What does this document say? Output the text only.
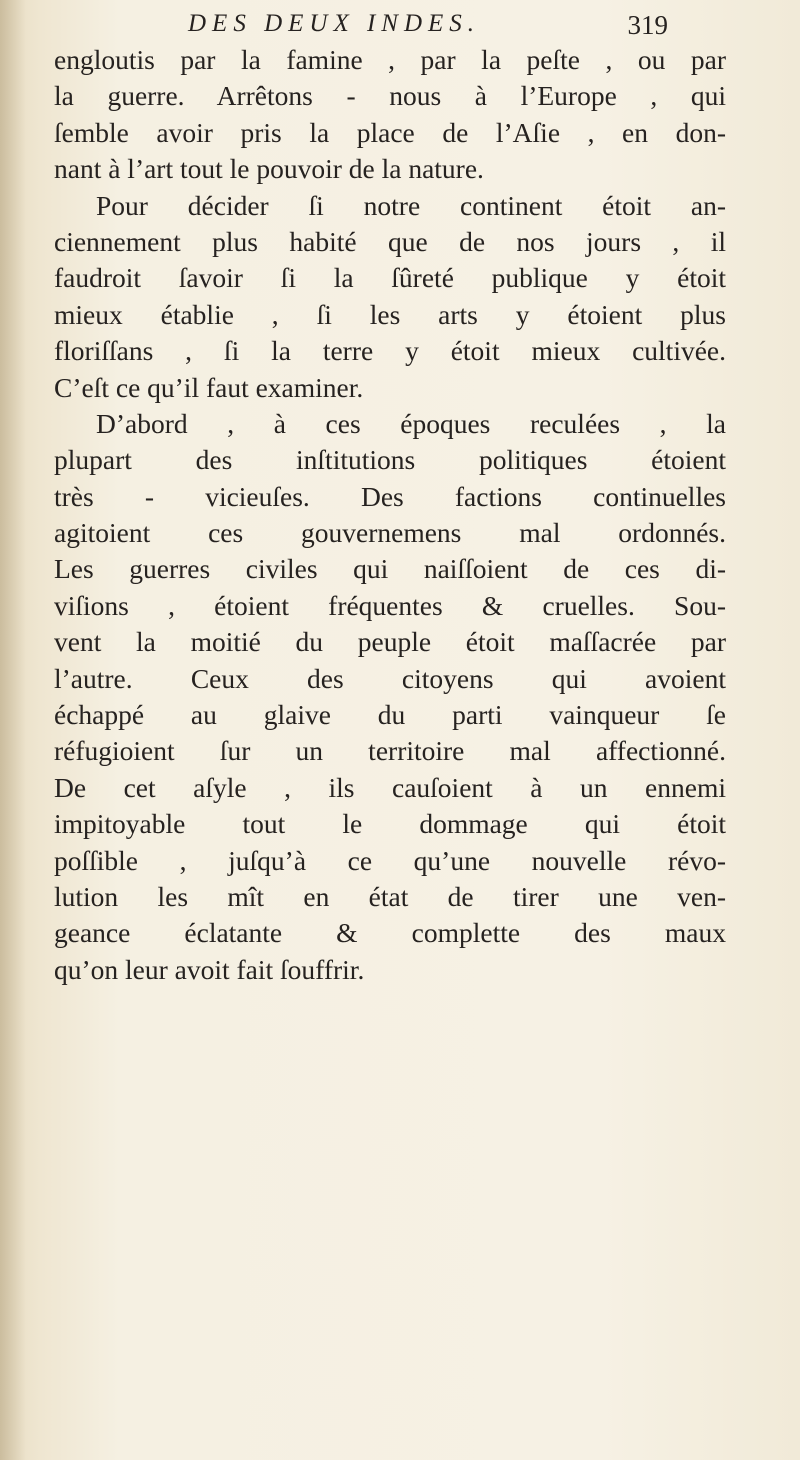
DES DEUX INDES.	319
engloutis par la famine , par la peſte , ou par
la guerre. Arrêtons - nous à l’Europe , qui
ſemble avoir pris la place de l’Aſie , en don-
nant à l’art tout le pouvoir de la nature.
Pour décider ſi notre continent étoit an-
ciennement plus habité que de nos jours , il
faudroit ſavoir ſi la ſûreté publique y étoit
mieux établie , ſi les arts y étoient plus
floriſſans , ſi la terre y étoit mieux cultivée.
C’eſt ce qu’il faut examiner.
D’abord , à ces époques reculées , la
plupart des inſtitutions politiques étoient
très - vicieuſes. Des factions continuelles
agitoient ces gouvernemens mal ordonnés.
Les guerres civiles qui naiſſoient de ces di-
viſions , étoient fréquentes & cruelles. Sou-
vent la moitié du peuple étoit maſſacrée par
l’autre. Ceux des citoyens qui avoient
échappé au glaive du parti vainqueur ſe
réfugioient ſur un territoire mal affectionné.
De cet aſyle , ils cauſoient à un ennemi
impitoyable tout le dommage qui étoit
poſſible , juſqu’à ce qu’une nouvelle révo-
lution les mît en état de tirer une ven-
geance éclatante & complette des maux
qu’on leur avoit fait ſouffrir.
